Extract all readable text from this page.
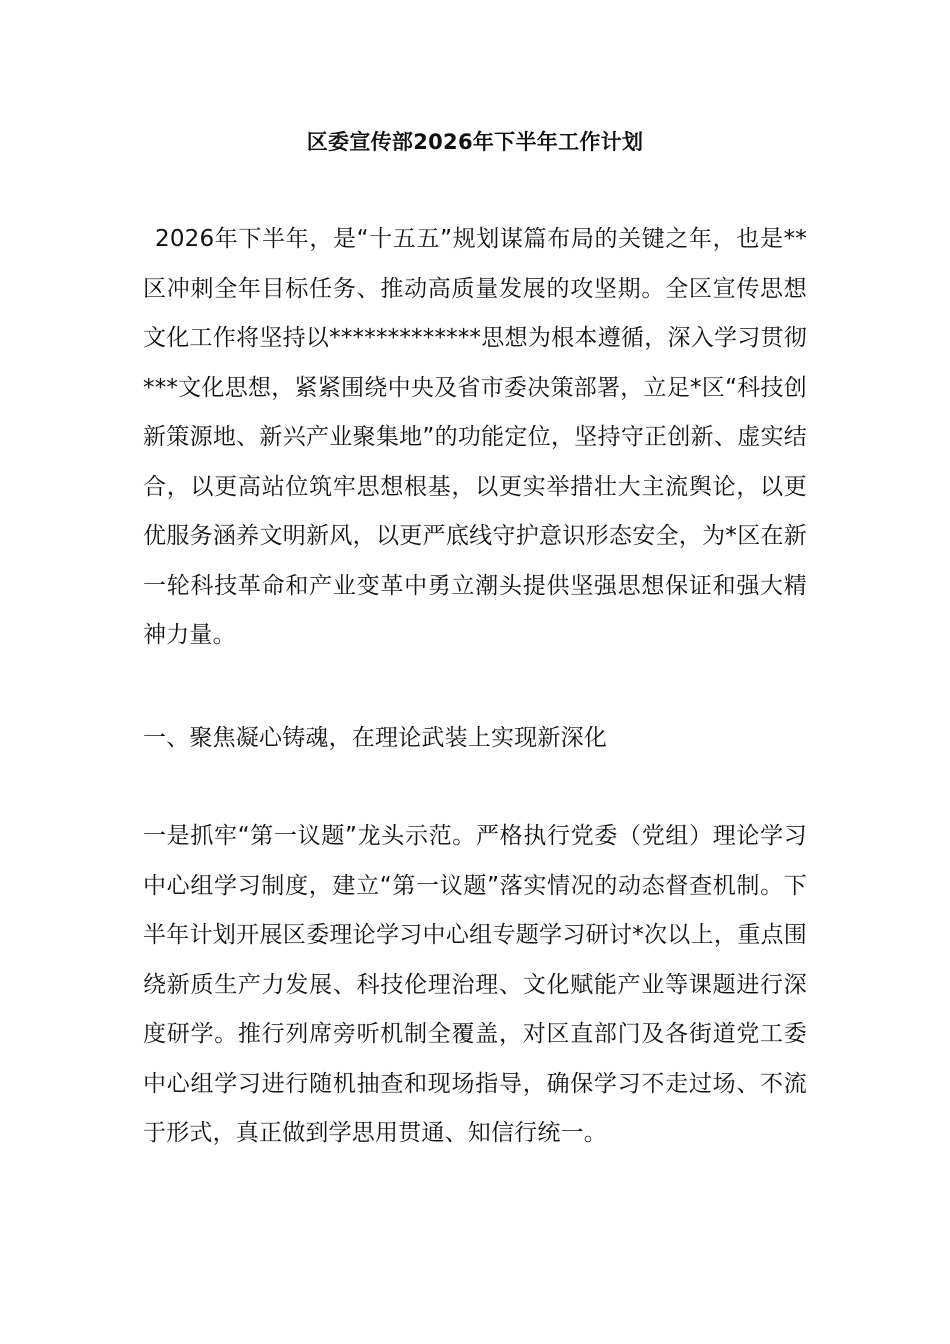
区委宣传部2026年下半年工作计划

2026年下半年，是“十五五”规划谋篇布局的关键之年，也是**区冲刺全年目标任务、推动高质量发展的攻坚期。全区宣传思想文化工作将坚持以*************思想为根本遵循，深入学习贯彻***文化思想，紧紧围绕中央及省市委决策部署，立足*区“科技创新策源地、新兴产业聚集地”的功能定位，坚持守正创新、虚实结合，以更高站位筑牢思想根基，以更实举措壮大主流舆论，以更优服务涵养文明新风，以更严底线守护意识形态安全，为*区在新一轮科技革命和产业变革中勇立潮头提供坚强思想保证和强大精神力量。

一、聚焦凝心铸魂，在理论武装上实现新深化

一是抓牢“第一议题”龙头示范。严格执行党委（党组）理论学习中心组学习制度，建立“第一议题”落实情况的动态督查机制。下半年计划开展区委理论学习中心组专题学习研讨*次以上，重点围绕新质生产力发展、科技伦理治理、文化赋能产业等课题进行深度研学。推行列席旁听机制全覆盖，对区直部门及各街道党工委中心组学习进行随机抽查和现场指导，确保学习不走过场、不流于形式，真正做到学思用贯通、知信行统一。
